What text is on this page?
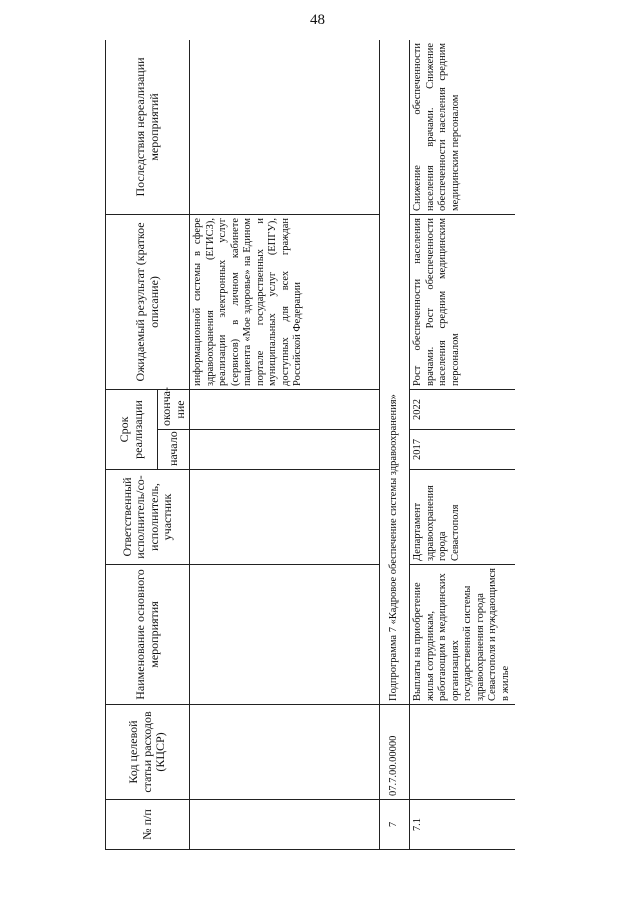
48
№ п/п	Код целевой статьи расходов (КЦСР)	Наименование основного мероприятия	Ответственный исполнитель/со-исполнитель, участник	Срок реализации		Ожидаемый результат (краткое описание)	Последствия нереализации мероприятий
				начало	оконча-ние		
						информационной системы в сфере здравоохранения (ЕГИСЗ), реализации электронных услуг (сервисов) в личном кабинете пациента «Мое здоровье» на Едином портале государственных и муниципальных услуг (ЕПГУ), доступных для всех граждан Российской Федерации	
7	07.7.00.00000	Подпрограмма 7 «Кадровое обеспечение системы здравоохранения»					
7.1		Выплаты на приобретение жилья сотрудникам, работающим в медицинских организациях государственной системы здравоохранения города Севастополя и нуждающимся в жилье	Департамент здравоохранения города Севастополя	2017	2022	Рост обеспеченности населения врачами. Рост обеспеченности населения средним медицинским персоналом	Снижение обеспеченности населения врачами. Снижение обеспеченности населения средним медицинским персоналом
